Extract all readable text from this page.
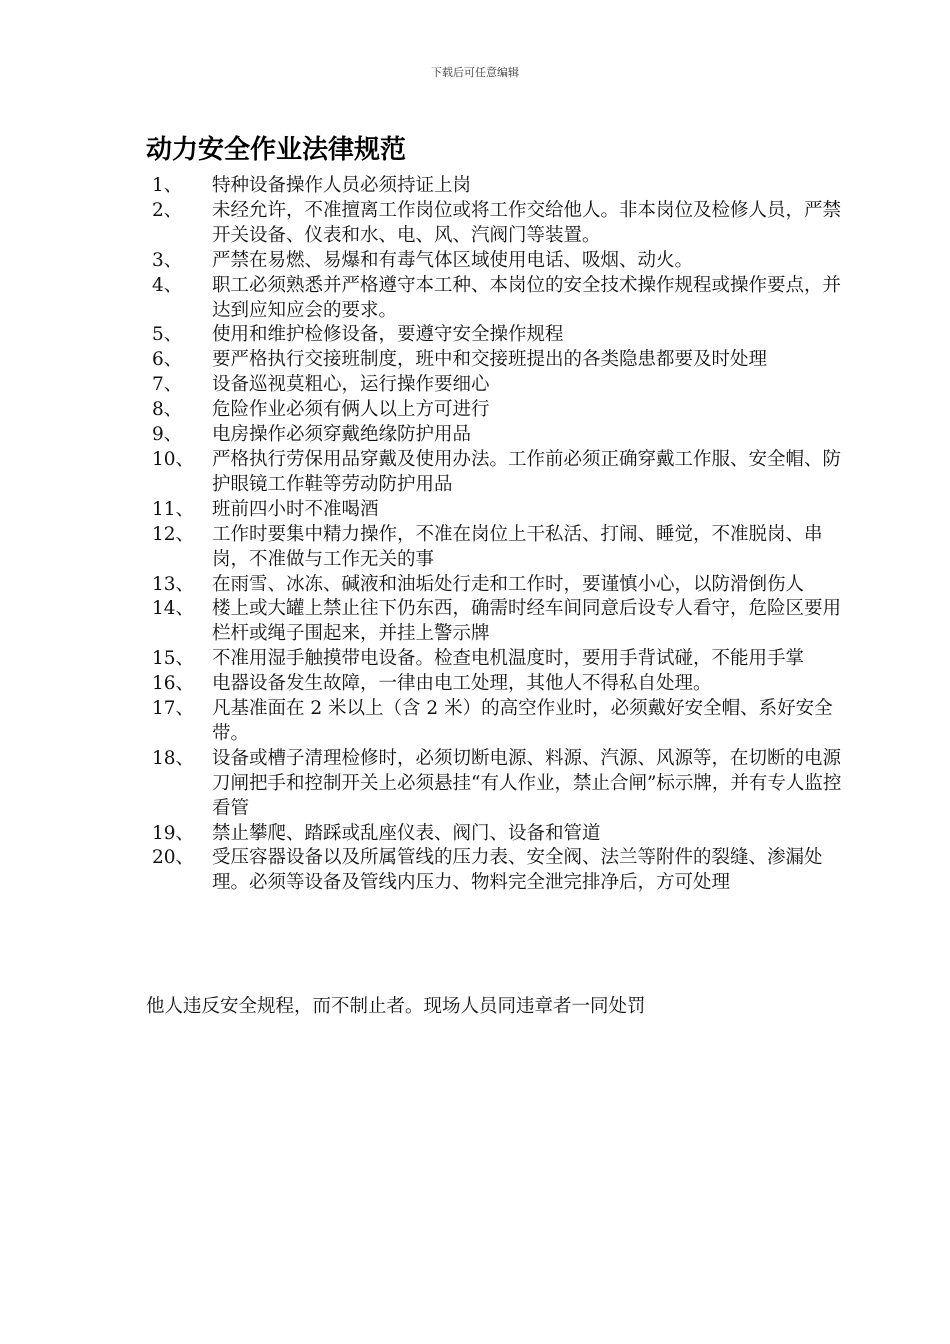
下载后可任意编辑
动力安全作业法律规范
1、 特种设备操作人员必须持证上岗
2、 未经允许，不准擅离工作岗位或将工作交给他人。非本岗位及检修人员，严禁开关设备、仪表和水、电、风、汽阀门等装置。
3、 严禁在易燃、易爆和有毒气体区域使用电话、吸烟、动火。
4、 职工必须熟悉并严格遵守本工种、本岗位的安全技术操作规程或操作要点，并达到应知应会的要求。
5、 使用和维护检修设备，要遵守安全操作规程
6、 要严格执行交接班制度，班中和交接班提出的各类隐患都要及时处理
7、 设备巡视莫粗心，运行操作要细心
8、 危险作业必须有俩人以上方可进行
9、 电房操作必须穿戴绝缘防护用品
10、 严格执行劳保用品穿戴及使用办法。工作前必须正确穿戴工作服、安全帽、防护眼镜工作鞋等劳动防护用品
11、 班前四小时不准喝酒
12、 工作时要集中精力操作，不准在岗位上干私活、打闹、睡觉，不准脱岗、串岗，不准做与工作无关的事
13、 在雨雪、冰冻、碱液和油垢处行走和工作时，要谨慎小心，以防滑倒伤人
14、 楼上或大罐上禁止往下仍东西，确需时经车间同意后设专人看守，危险区要用栏杆或绳子围起来，并挂上警示牌
15、 不准用湿手触摸带电设备。检查电机温度时，要用手背试碰，不能用手掌
16、 电器设备发生故障，一律由电工处理，其他人不得私自处理。
17、 凡基准面在 2 米以上（含 2 米）的高空作业时，必须戴好安全帽、系好安全带。
18、 设备或槽子清理检修时，必须切断电源、料源、汽源、风源等，在切断的电源刀闸把手和控制开关上必须悬挂“有人作业，禁止合闸”标示牌，并有专人监控看管
19、 禁止攀爬、踏踩或乱座仪表、阀门、设备和管道
20、 受压容器设备以及所属管线的压力表、安全阀、法兰等附件的裂缝、渗漏处理。必须等设备及管线内压力、物料完全泄完排净后，方可处理

他人违反安全规程，而不制止者。现场人员同违章者一同处罚
